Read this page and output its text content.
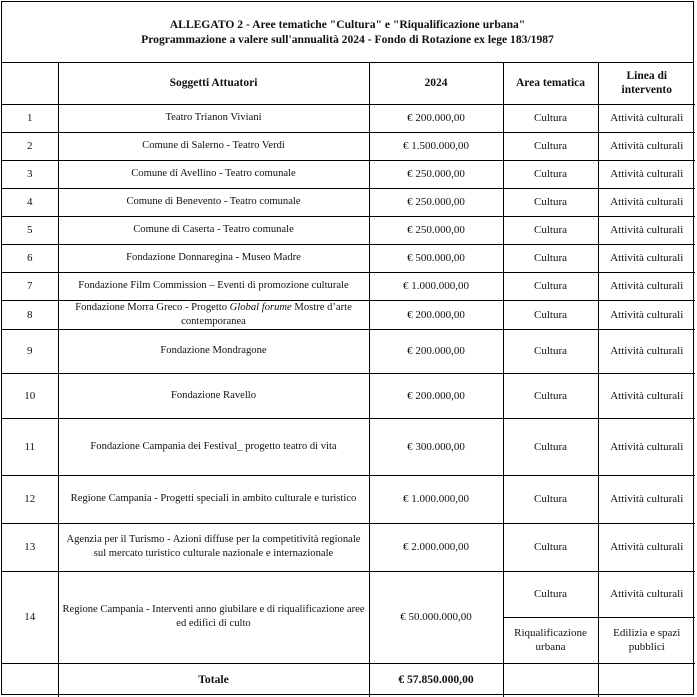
ALLEGATO 2 - Aree tematiche "Cultura" e "Riqualificazione urbana"
Programmazione a valere sull'annualità 2024 - Fondo di Rotazione ex lege 183/1987
	Soggetti Attuatori	2024	Area tematica	Linea di intervento
1	Teatro Trianon Viviani	€ 200.000,00	Cultura	Attività culturali
2	Comune di Salerno - Teatro Verdi	€ 1.500.000,00	Cultura	Attività culturali
3	Comune di Avellino - Teatro comunale	€ 250.000,00	Cultura	Attività culturali
4	Comune di Benevento - Teatro comunale	€ 250.000,00	Cultura	Attività culturali
5	Comune di Caserta - Teatro comunale	€ 250.000,00	Cultura	Attività culturali
6	Fondazione Donnaregina - Museo Madre	€ 500.000,00	Cultura	Attività culturali
7	Fondazione Film Commission – Eventi di promozione culturale	€ 1.000.000,00	Cultura	Attività culturali
8	Fondazione Morra Greco - Progetto Global forume Mostre d’arte contemporanea	€ 200.000,00	Cultura	Attività culturali
9	Fondazione Mondragone	€ 200.000,00	Cultura	Attività culturali
10	Fondazione Ravello	€ 200.000,00	Cultura	Attività culturali
11	Fondazione Campania dei Festival_ progetto teatro di vita	€ 300.000,00	Cultura	Attività culturali
12	Regione Campania - Progetti speciali in ambito culturale e turistico	€ 1.000.000,00	Cultura	Attività culturali
13	Agenzia per il Turismo - Azioni diffuse per la competitività regionale sul mercato turistico culturale nazionale e internazionale	€ 2.000.000,00	Cultura	Attività culturali
14	Regione Campania - Interventi anno giubilare e di riqualificazione aree ed edifici di culto	€ 50.000.000,00	Cultura	Attività culturali
			Riqualificazione urbana	Edilizia e spazi pubblici
	Totale	€ 57.850.000,00		
